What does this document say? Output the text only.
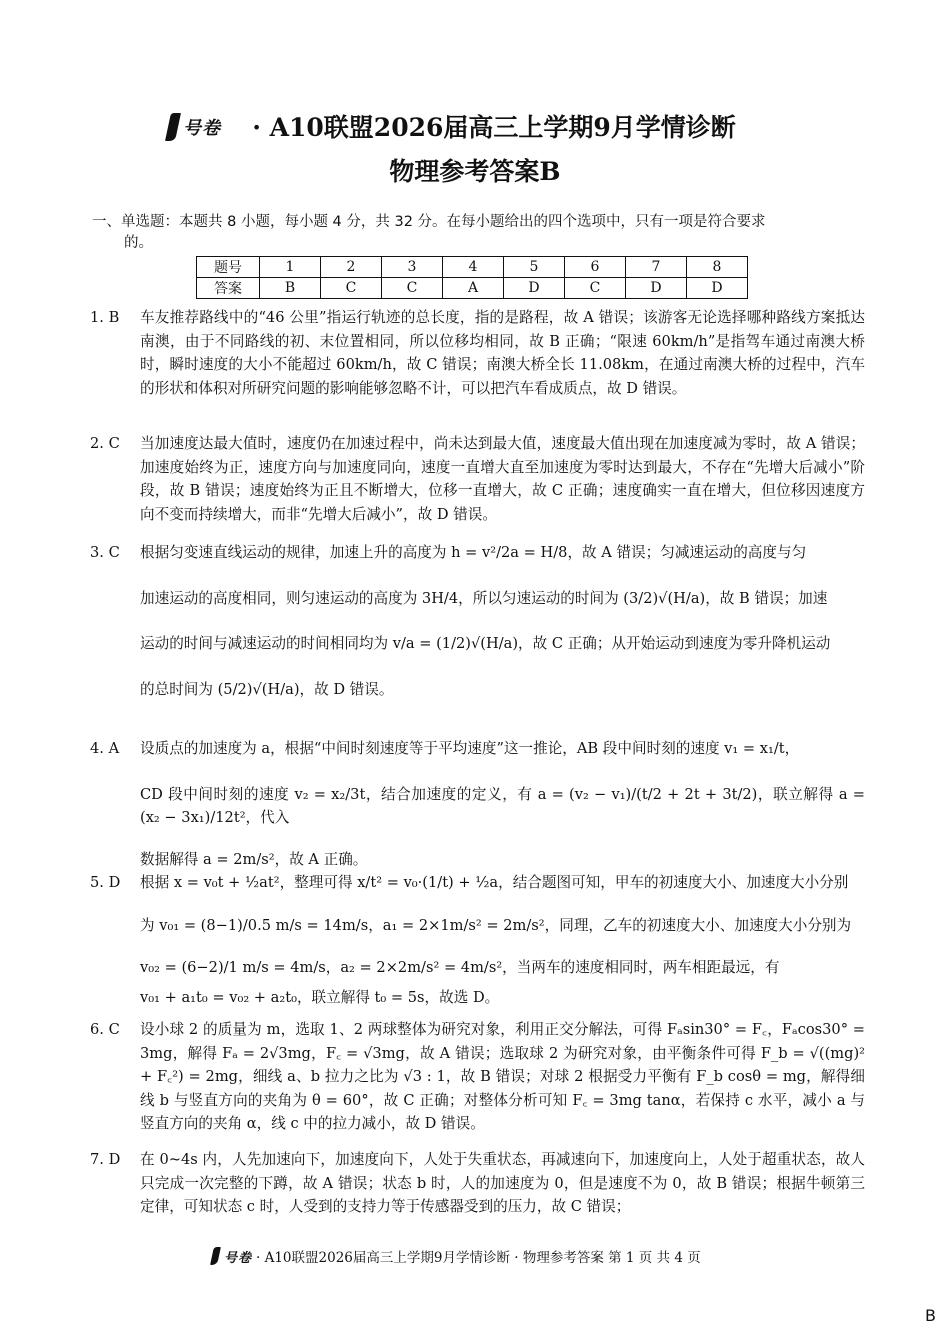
号卷	· A10联盟2026届高三上学期9月学情诊断
物理参考答案B
一、单选题：本题共 8 小题，每小题 4 分，共 32 分。在每小题给出的四个选项中，只有一项是符合要求
的。
题号	1	2	3	4	5	6	7	8
答案	B	C	C	A	D	C	D	D
1. B	车友推荐路线中的“46 公里”指运行轨迹的总长度，指的是路程，故 A 错误；该游客无论选择哪种路线方案抵达南澳，由于不同路线的初、末位置相同，所以位移均相同，故 B 正确；“限速 60km/h”是指驾车通过南澳大桥时，瞬时速度的大小不能超过 60km/h，故 C 错误；南澳大桥全长 11.08km，在通过南澳大桥的过程中，汽车的形状和体积对所研究问题的影响能够忽略不计，可以把汽车看成质点，故 D 错误。
2. C	当加速度达最大值时，速度仍在加速过程中，尚未达到最大值，速度最大值出现在加速度减为零时，故 A 错误；加速度始终为正，速度方向与加速度同向，速度一直增大直至加速度为零时达到最大，不存在“先增大后减小”阶段，故 B 错误；速度始终为正且不断增大，位移一直增大，故 C 正确；速度确实一直在增大，但位移因速度方向不变而持续增大，而非“先增大后减小”，故 D 错误。
3. C	根据匀变速直线运动的规律，加速上升的高度为 h = v²/2a = H/8，故 A 错误；匀减速运动的高度与匀
加速运动的高度相同，则匀速运动的高度为 3H/4，所以匀速运动的时间为 (3/2)√(H/a)，故 B 错误；加速
运动的时间与减速运动的时间相同均为 v/a = (1/2)√(H/a)，故 C 正确；从开始运动到速度为零升降机运动
的总时间为 (5/2)√(H/a)，故 D 错误。
4. A	设质点的加速度为 a，根据“中间时刻速度等于平均速度”这一推论，AB 段中间时刻的速度 v₁ = x₁/t，
CD 段中间时刻的速度 v₂ = x₂/3t，结合加速度的定义，有 a = (v₂ − v₁)/(t/2 + 2t + 3t/2)，联立解得 a = (x₂ − 3x₁)/12t²，代入
数据解得 a = 2m/s²，故 A 正确。
5. D	根据 x = v₀t + ½at²，整理可得 x/t² = v₀·(1/t) + ½a，结合题图可知，甲车的初速度大小、加速度大小分别
为 v₀₁ = (8−1)/0.5 m/s = 14m/s，a₁ = 2×1m/s² = 2m/s²，同理，乙车的初速度大小、加速度大小分别为
v₀₂ = (6−2)/1 m/s = 4m/s，a₂ = 2×2m/s² = 4m/s²，当两车的速度相同时，两车相距最远，有
v₀₁ + a₁t₀ = v₀₂ + a₂t₀，联立解得 t₀ = 5s，故选 D。
6. C	设小球 2 的质量为 m，选取 1、2 两球整体为研究对象，利用正交分解法，可得 Fₐsin30° = F꜀，Fₐcos30° = 3mg，解得 Fₐ = 2√3mg，F꜀ = √3mg，故 A 错误；选取球 2 为研究对象，由平衡条件可得 F_b = √((mg)² + F꜀²) = 2mg，细线 a、b 拉力之比为 √3 : 1，故 B 错误；对球 2 根据受力平衡有 F_b cosθ = mg，解得细线 b 与竖直方向的夹角为 θ = 60°，故 C 正确；对整体分析可知 F꜀ = 3mg tanα，若保持 c 水平，减小 a 与竖直方向的夹角 α，线 c 中的拉力减小，故 D 错误。
7. D	在 0~4s 内，人先加速向下，加速度向下，人处于失重状态，再减速向下，加速度向上，人处于超重状态，故人只完成一次完整的下蹲，故 A 错误；状态 b 时，人的加速度为 0，但是速度不为 0，故 B 错误；根据牛顿第三定律，可知状态 c 时，人受到的支持力等于传感器受到的压力，故 C 错误；
号卷 · A10联盟2026届高三上学期9月学情诊断 · 物理参考答案 第 1 页 共 4 页
B
